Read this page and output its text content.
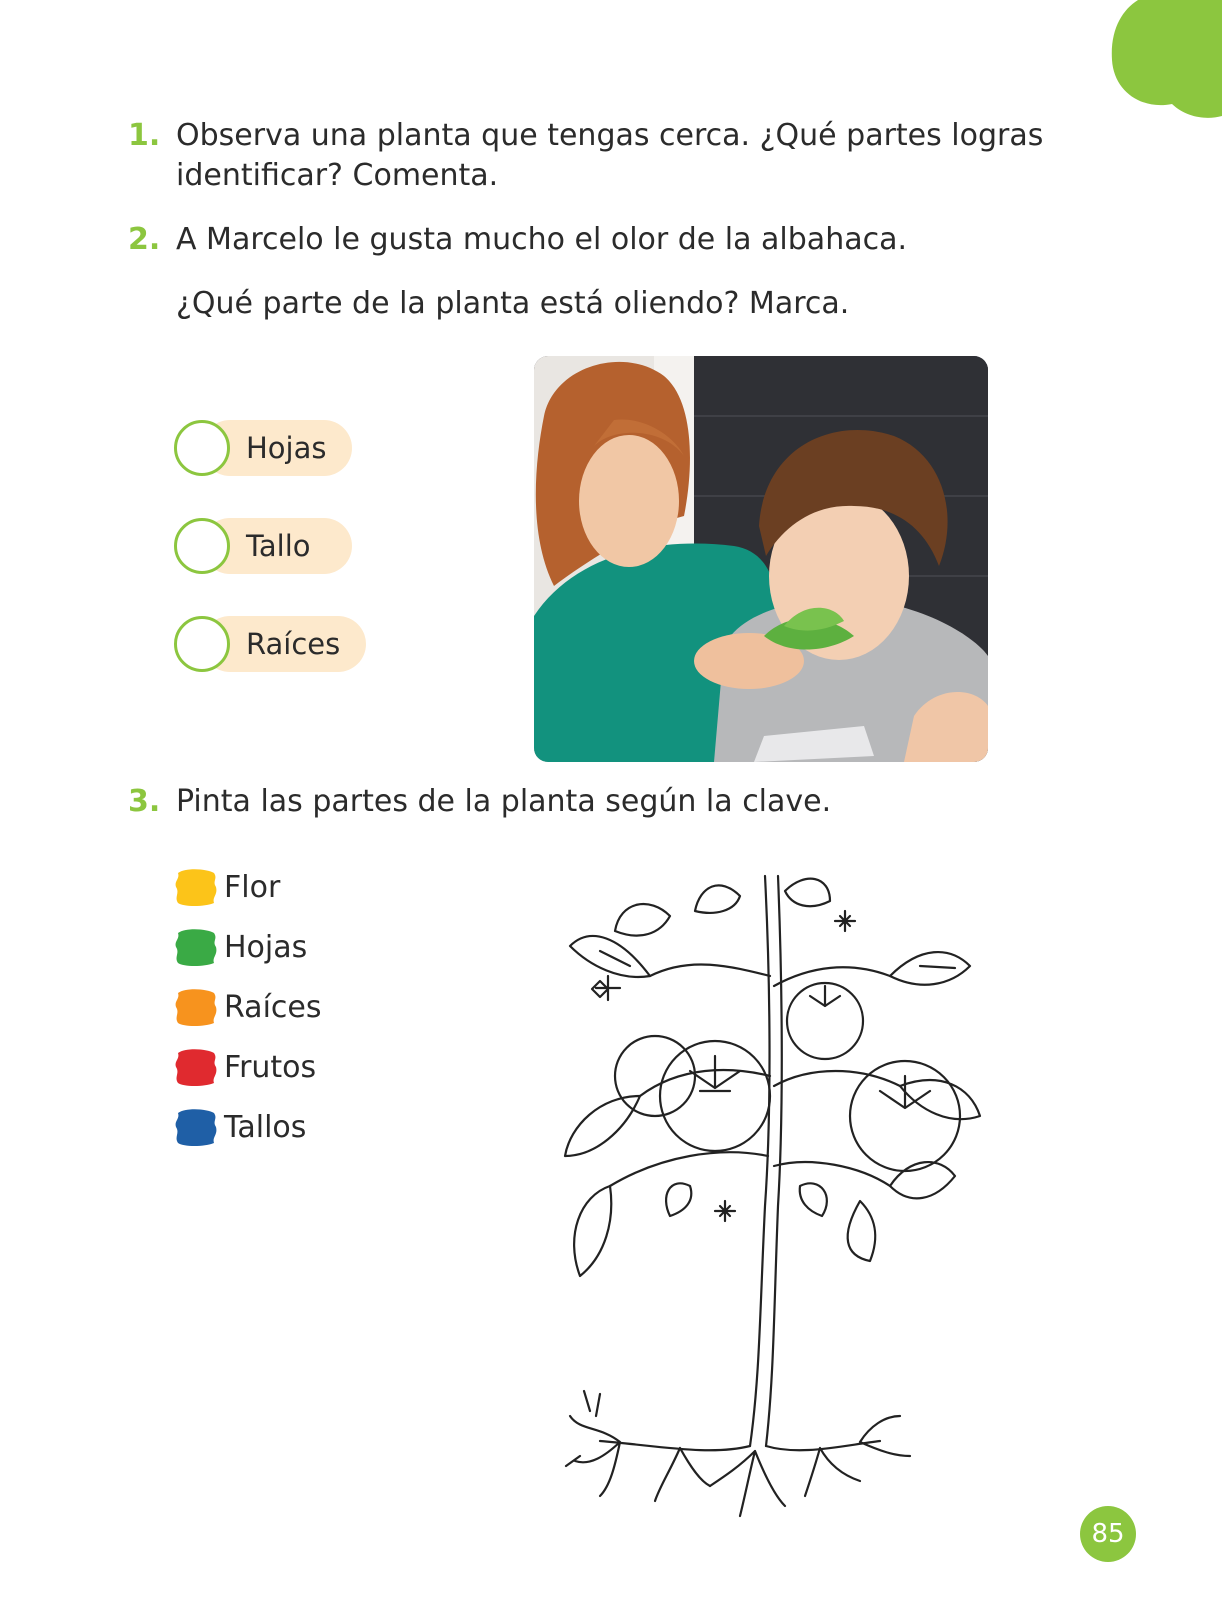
1. Observa una planta que tengas cerca. ¿Qué partes logras
identificar? Comenta.
2. A Marcelo le gusta mucho el olor de la albahaca.
¿Qué parte de la planta está oliendo? Marca.
Hojas
Tallo
Raíces
3. Pinta las partes de la planta según la clave.
Flor
Hojas
Raíces
Frutos
Tallos
85
